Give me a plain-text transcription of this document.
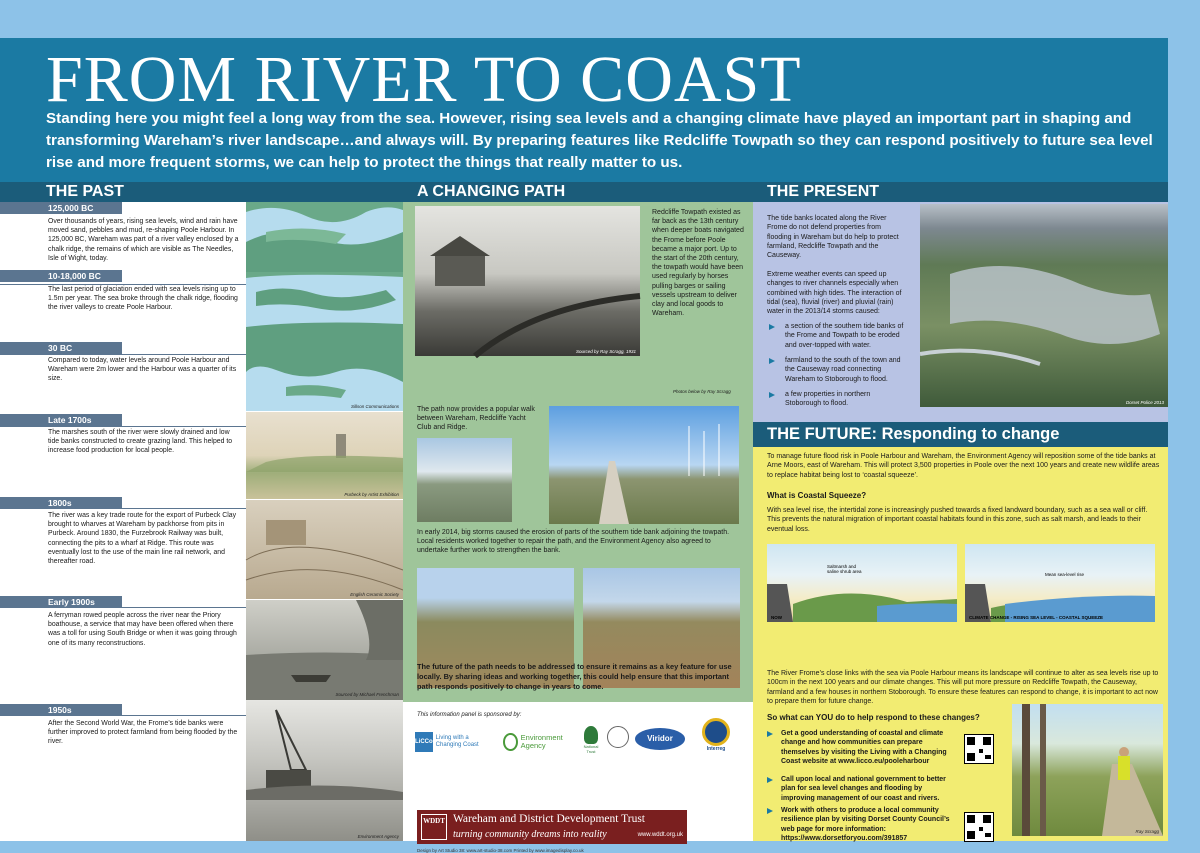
FROM RIVER TO COAST
Standing here you might feel a long way from the sea. However, rising sea levels and a changing climate have played an important part in shaping and transforming Wareham’s river landscape…and always will. By preparing features like Redcliffe Towpath so they can respond positively to future sea level rise and more frequent storms, we can help to protect the things that really matter to us.
THE PAST
125,000 BC
Over thousands of years, rising sea levels, wind and rain have moved sand, pebbles and mud, re-shaping Poole Harbour. In 125,000 BC, Wareham was part of a river valley enclosed by a chalk ridge, the remains of which are visible as The Needles, Isle of Wight, today.
10-18,000 BC
The last period of glaciation ended with sea levels rising up to 1.5m per year. The sea broke through the chalk ridge, flooding the river valleys to create Poole Harbour.
30 BC
Compared to today, water levels around Poole Harbour and Wareham were 2m lower and the Harbour was a quarter of its size.
Late 1700s
The marshes south of the river were slowly drained and low tide banks constructed to create grazing land. This helped to increase food production for local people.
1800s
The river was a key trade route for the export of Purbeck Clay brought to wharves at Wareham by packhorse from pits in Purbeck. Around 1830, the Furzebrook Railway was built, connecting the pits to a wharf at Ridge. This route was eventually lost to the use of the main line rail network, and thereafter road.
Early 1900s
A ferryman rowed people across the river near the Priory boathouse, a service that may have been offered when there was a toll for using South Bridge or when it was going through one of its many reconstructions.
1950s
After the Second World War, the Frome’s tide banks were further improved to protect farmland from being flooded by the river.
Sillson Communications
Purbeck by Artist Exhibition
English Ceramic Society
Sourced by Michael Frenchman
Environment Agency
A CHANGING PATH
Sourced by Ray Scragg, 1931
Redcliffe Towpath existed as far back as the 13th century when deeper boats navigated the Frome before Poole became a major port. Up to the start of the 20th century, the towpath would have been used regularly by horses pulling barges or sailing vessels upstream to deliver clay and local goods to Wareham.
Photos below by Ray Scragg
The path now provides a popular walk between Wareham, Redcliffe Yacht Club and Ridge.
In early 2014, big storms caused the erosion of parts of the southern tide bank adjoining the towpath. Local residents worked together to repair the path, and the Environment Agency also agreed to undertake further work to strengthen the bank.
The future of the path needs to be addressed to ensure it remains as a key feature for use locally. By sharing ideas and working together, this could help ensure that this important path responds positively to change in years to come.
This information panel is sponsored by:
LiCCo
Living with a Changing Coast
Environment Agency	National Trust
Viridor Credits
Interreg
WDDT Wareham and District Development Trust
turning community dreams into reality	www.wddt.org.uk
Design by Art Studio 38: www.art-studio-38.com Printed by www.imagedisplay.co.uk
THE PRESENT
The tide banks located along the River Frome do not defend properties from flooding in Wareham but do help to protect farmland, Redcliffe Towpath and the Causeway.
Extreme weather events can speed up changes to river channels especially when combined with high tides. The interaction of tidal (sea), fluvial (river) and pluvial (rain) water in the 2013/14 storms caused:
a section of the southern tide banks of the Frome and Towpath to be eroded and over-topped with water.
farmland to the south of the town and the Causeway road connecting Wareham to Stoborough to flood.
a few properties in northern Stoborough to flood.	Dorset Police 2013
THE FUTURE: Responding to change
To manage future flood risk in Poole Harbour and Wareham, the Environment Agency will reposition some of the tide banks at Arne Moors, east of Wareham. This will protect 3,500 properties in Poole over the next 100 years and create new wildlife areas to replace habitat being lost to ‘coastal squeeze’.
What is Coastal Squeeze?
With sea level rise, the intertidal zone is increasingly pushed towards a fixed landward boundary, such as a sea wall or cliff. This prevents the natural migration of important coastal habitats found in this zone, such as salt marsh, and leads to their eventual loss.
NOW
Saltmarsh and saline shrub area
CLIMATE CHANGE - RISING SEA LEVEL - COASTAL SQUEEZE
Mean sea-level rise
The River Frome’s close links with the sea via Poole Harbour means its landscape will continue to alter as sea levels rise up to 100cm in the next 100 years and our climate changes. This will put more pressure on Redcliffe Towpath, the Causeway, farmland and a few houses in northern Stoborough. To ensure these features can respond to change, it is important to act now to prepare them for future change.
So what can YOU do to help respond to these changes?
Get a good understanding of coastal and climate change and how communities can prepare themselves by visiting the Living with a Changing Coast website at www.licco.eu/pooleharbour
Call upon local and national government to better plan for sea level changes and flooding by improving management of our coast and rivers.
Work with others to produce a local community resilience plan by visiting Dorset County Council’s web page for more information: https://www.dorsetforyou.com/391857
Ray Scragg
